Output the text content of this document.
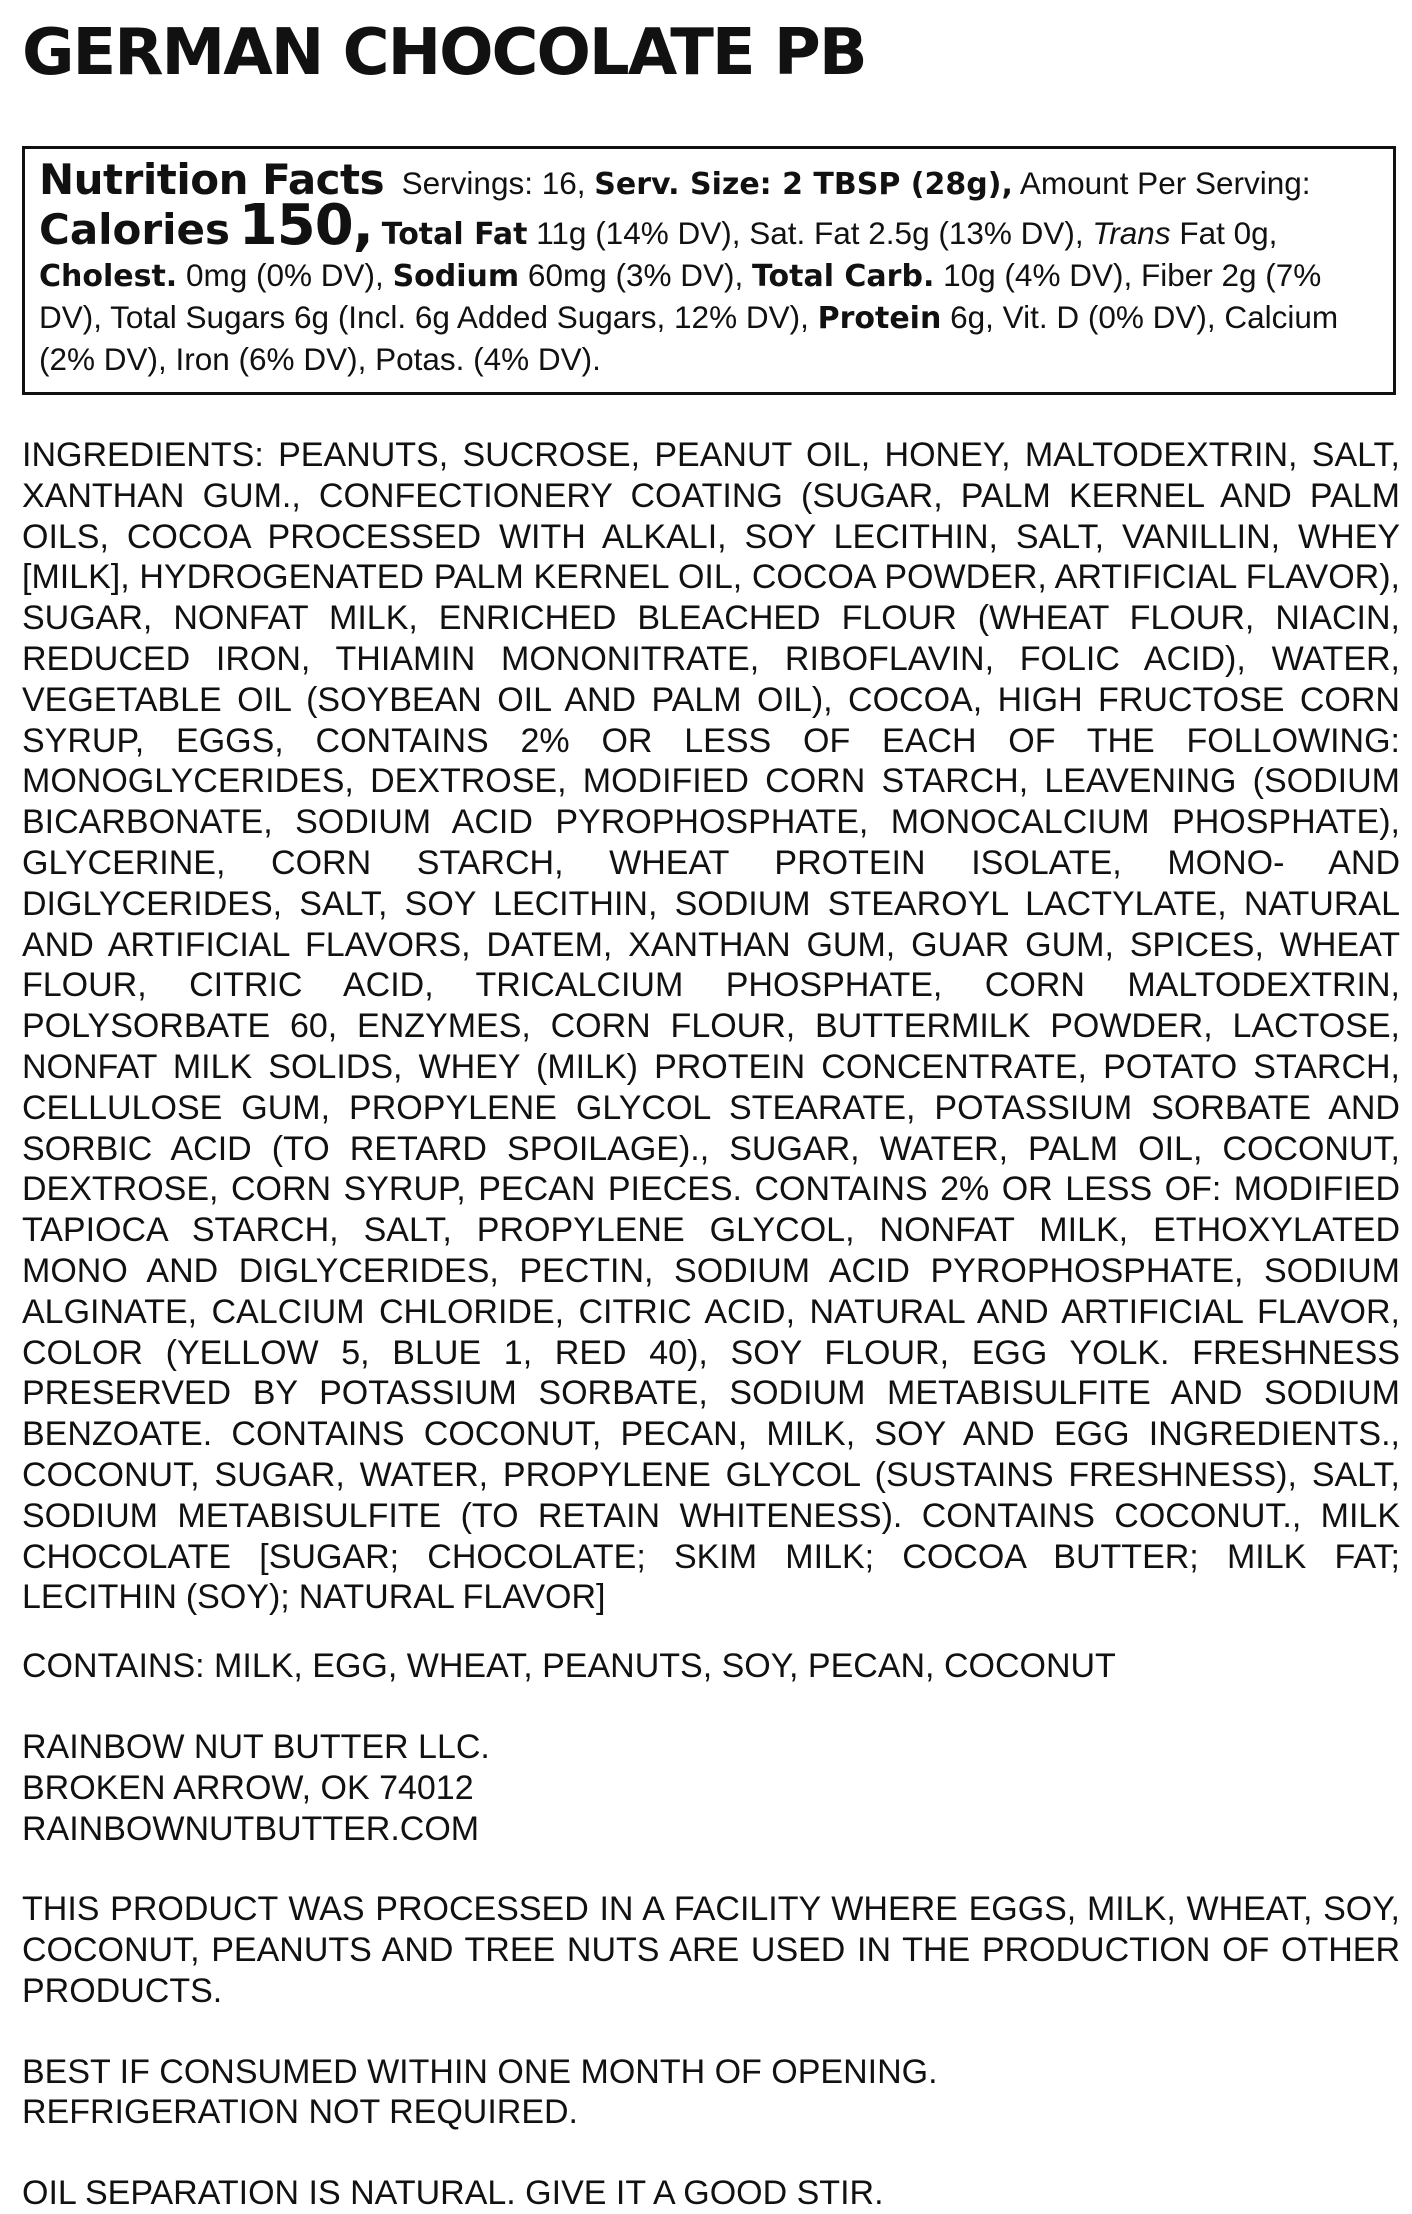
GERMAN CHOCOLATE PB
Nutrition Facts Servings: 16, Serv. Size: 2 TBSP (28g), Amount Per Serving: Calories 150, Total Fat 11g (14% DV), Sat. Fat 2.5g (13% DV), Trans Fat 0g, Cholest. 0mg (0% DV), Sodium 60mg (3% DV), Total Carb. 10g (4% DV), Fiber 2g (7% DV), Total Sugars 6g (Incl. 6g Added Sugars, 12% DV), Protein 6g, Vit. D (0% DV), Calcium (2% DV), Iron (6% DV), Potas. (4% DV).

INGREDIENTS: PEANUTS, SUCROSE, PEANUT OIL, HONEY, MALTODEXTRIN, SALT, XANTHAN GUM., CONFECTIONERY COATING (SUGAR, PALM KERNEL AND PALM OILS, COCOA PROCESSED WITH ALKALI, SOY LECITHIN, SALT, VANILLIN, WHEY [MILK], HYDROGENATED PALM KERNEL OIL, COCOA POWDER, ARTIFICIAL FLAVOR), SUGAR, NONFAT MILK, ENRICHED BLEACHED FLOUR (WHEAT FLOUR, NIACIN, REDUCED IRON, THIAMIN MONONITRATE, RIBOFLAVIN, FOLIC ACID), WATER, VEGETABLE OIL (SOYBEAN OIL AND PALM OIL), COCOA, HIGH FRUCTOSE CORN SYRUP, EGGS, CONTAINS 2% OR LESS OF EACH OF THE FOLLOWING: MONOGLYCERIDES, DEXTROSE, MODIFIED CORN STARCH, LEAVENING (SODIUM BICARBONATE, SODIUM ACID PYROPHOSPHATE, MONOCALCIUM PHOSPHATE), GLYCERINE, CORN STARCH, WHEAT PROTEIN ISOLATE, MONO- AND DIGLYCERIDES, SALT, SOY LECITHIN, SODIUM STEAROYL LACTYLATE, NATURAL AND ARTIFICIAL FLAVORS, DATEM, XANTHAN GUM, GUAR GUM, SPICES, WHEAT FLOUR, CITRIC ACID, TRICALCIUM PHOSPHATE, CORN MALTODEXTRIN, POLYSORBATE 60, ENZYMES, CORN FLOUR, BUTTERMILK POWDER, LACTOSE, NONFAT MILK SOLIDS, WHEY (MILK) PROTEIN CONCENTRATE, POTATO STARCH, CELLULOSE GUM, PROPYLENE GLYCOL STEARATE, POTASSIUM SORBATE AND SORBIC ACID (TO RETARD SPOILAGE)., SUGAR, WATER, PALM OIL, COCONUT, DEXTROSE, CORN SYRUP, PECAN PIECES. CONTAINS 2% OR LESS OF: MODIFIED TAPIOCA STARCH, SALT, PROPYLENE GLYCOL, NONFAT MILK, ETHOXYLATED MONO AND DIGLYCERIDES, PECTIN, SODIUM ACID PYROPHOSPHATE, SODIUM ALGINATE, CALCIUM CHLORIDE, CITRIC ACID, NATURAL AND ARTIFICIAL FLAVOR, COLOR (YELLOW 5, BLUE 1, RED 40), SOY FLOUR, EGG YOLK. FRESHNESS PRESERVED BY POTASSIUM SORBATE, SODIUM METABISULFITE AND SODIUM BENZOATE. CONTAINS COCONUT, PECAN, MILK, SOY AND EGG INGREDIENTS., COCONUT, SUGAR, WATER, PROPYLENE GLYCOL (SUSTAINS FRESHNESS), SALT, SODIUM METABISULFITE (TO RETAIN WHITENESS). CONTAINS COCONUT., MILK CHOCOLATE [SUGAR; CHOCOLATE; SKIM MILK; COCOA BUTTER; MILK FAT; LECITHIN (SOY); NATURAL FLAVOR]

CONTAINS: MILK, EGG, WHEAT, PEANUTS, SOY, PECAN, COCONUT

RAINBOW NUT BUTTER LLC.
BROKEN ARROW, OK 74012
RAINBOWNUTBUTTER.COM

THIS PRODUCT WAS PROCESSED IN A FACILITY WHERE EGGS, MILK, WHEAT, SOY, COCONUT, PEANUTS AND TREE NUTS ARE USED IN THE PRODUCTION OF OTHER PRODUCTS.

BEST IF CONSUMED WITHIN ONE MONTH OF OPENING.
REFRIGERATION NOT REQUIRED.

OIL SEPARATION IS NATURAL. GIVE IT A GOOD STIR.
